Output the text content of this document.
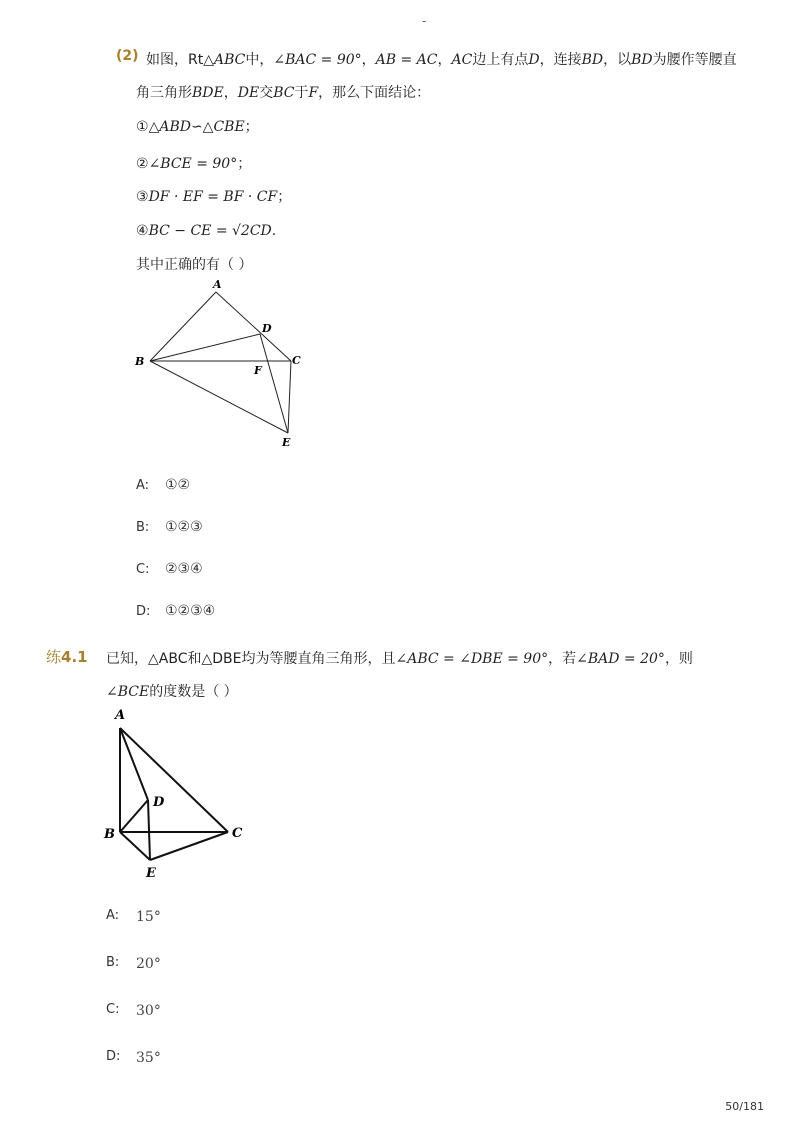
-
(2) 如图，Rt△ABC中，∠BAC = 90°，AB = AC，AC边上有点D，连接BD，以BD为腰作等腰直
角三角形BDE，DE交BC于F，那么下面结论：
①△ABD∽△CBE；
②∠BCE = 90°；
③DF · EF = BF · CF；
④BC − CE = √2CD.
其中正确的有（ ）
A
B	C
D
E
F
A: ①②
B: ①②③
C: ②③④
D: ①②③④
练4.1 已知，△ABC和△DBE均为等腰直角三角形，且∠ABC = ∠DBE = 90°，若∠BAD = 20°，则
∠BCE的度数是（ ）
A
B	C
D
E
A: 15°
B: 20°
C: 30°
D: 35°
50/181
